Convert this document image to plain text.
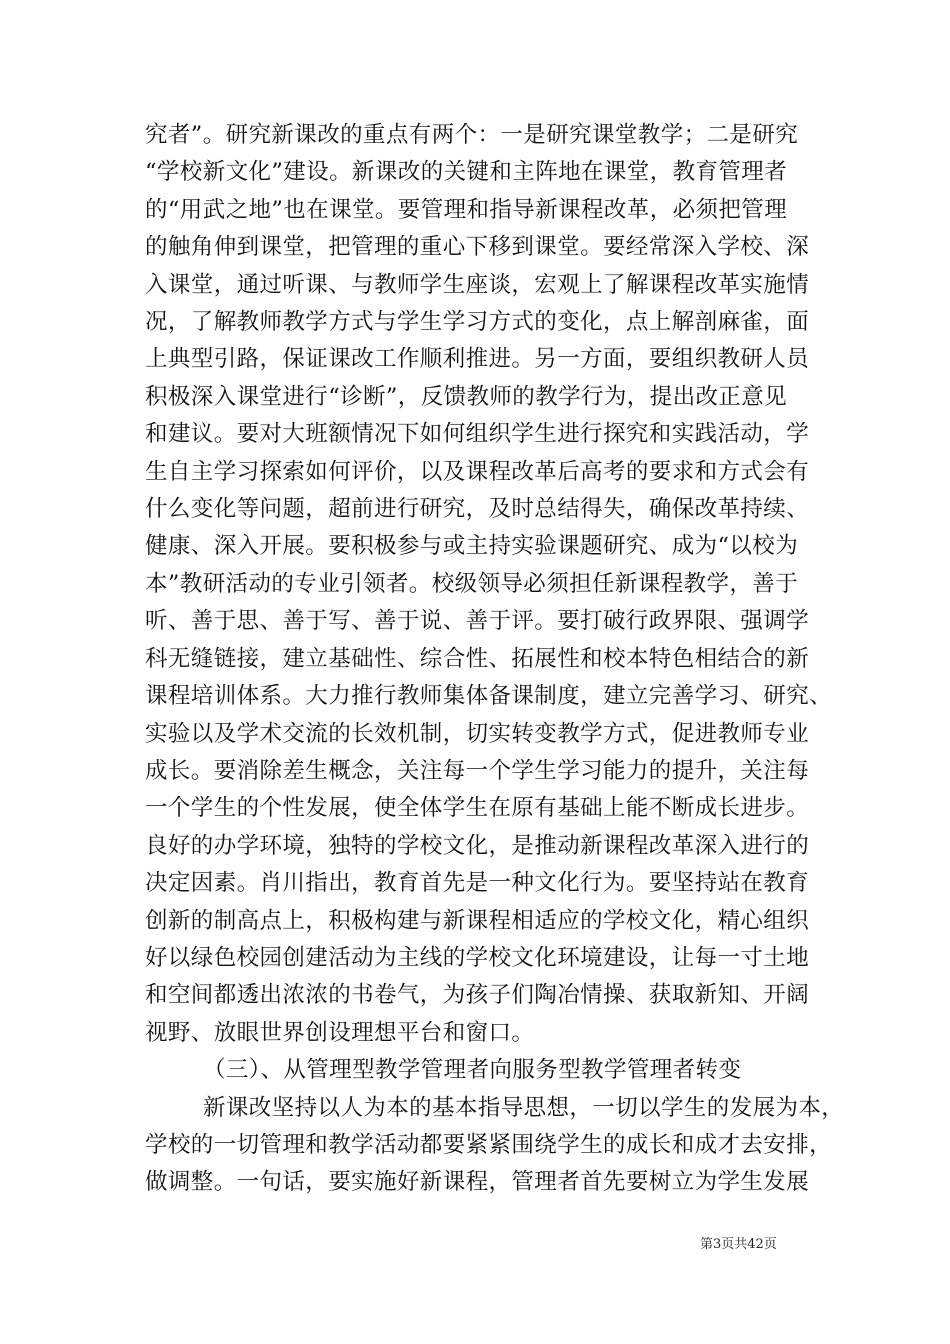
究者”。研究新课改的重点有两个：一是研究课堂教学；二是研究
“学校新文化”建设。新课改的关键和主阵地在课堂，教育管理者
的“用武之地”也在课堂。要管理和指导新课程改革，必须把管理
的触角伸到课堂，把管理的重心下移到课堂。要经常深入学校、深
入课堂，通过听课、与教师学生座谈，宏观上了解课程改革实施情
况，了解教师教学方式与学生学习方式的变化，点上解剖麻雀，面
上典型引路，保证课改工作顺利推进。另一方面，要组织教研人员
积极深入课堂进行“诊断”，反馈教师的教学行为，提出改正意见
和建议。要对大班额情况下如何组织学生进行探究和实践活动，学
生自主学习探索如何评价，以及课程改革后高考的要求和方式会有
什么变化等问题，超前进行研究，及时总结得失，确保改革持续、
健康、深入开展。要积极参与或主持实验课题研究、成为“以校为
本”教研活动的专业引领者。校级领导必须担任新课程教学，善于
听、善于思、善于写、善于说、善于评。要打破行政界限、强调学
科无缝链接，建立基础性、综合性、拓展性和校本特色相结合的新
课程培训体系。大力推行教师集体备课制度，建立完善学习、研究、
实验以及学术交流的长效机制，切实转变教学方式，促进教师专业
成长。要消除差生概念，关注每一个学生学习能力的提升，关注每
一个学生的个性发展，使全体学生在原有基础上能不断成长进步。
良好的办学环境，独特的学校文化，是推动新课程改革深入进行的
决定因素。肖川指出，教育首先是一种文化行为。要坚持站在教育
创新的制高点上，积极构建与新课程相适应的学校文化，精心组织
好以绿色校园创建活动为主线的学校文化环境建设，让每一寸土地
和空间都透出浓浓的书卷气，为孩子们陶冶情操、获取新知、开阔
视野、放眼世界创设理想平台和窗口。
（三）、从管理型教学管理者向服务型教学管理者转变
新课改坚持以人为本的基本指导思想，一切以学生的发展为本，
学校的一切管理和教学活动都要紧紧围绕学生的成长和成才去安排，
做调整。一句话，要实施好新课程，管理者首先要树立为学生发展
第3页共42页
